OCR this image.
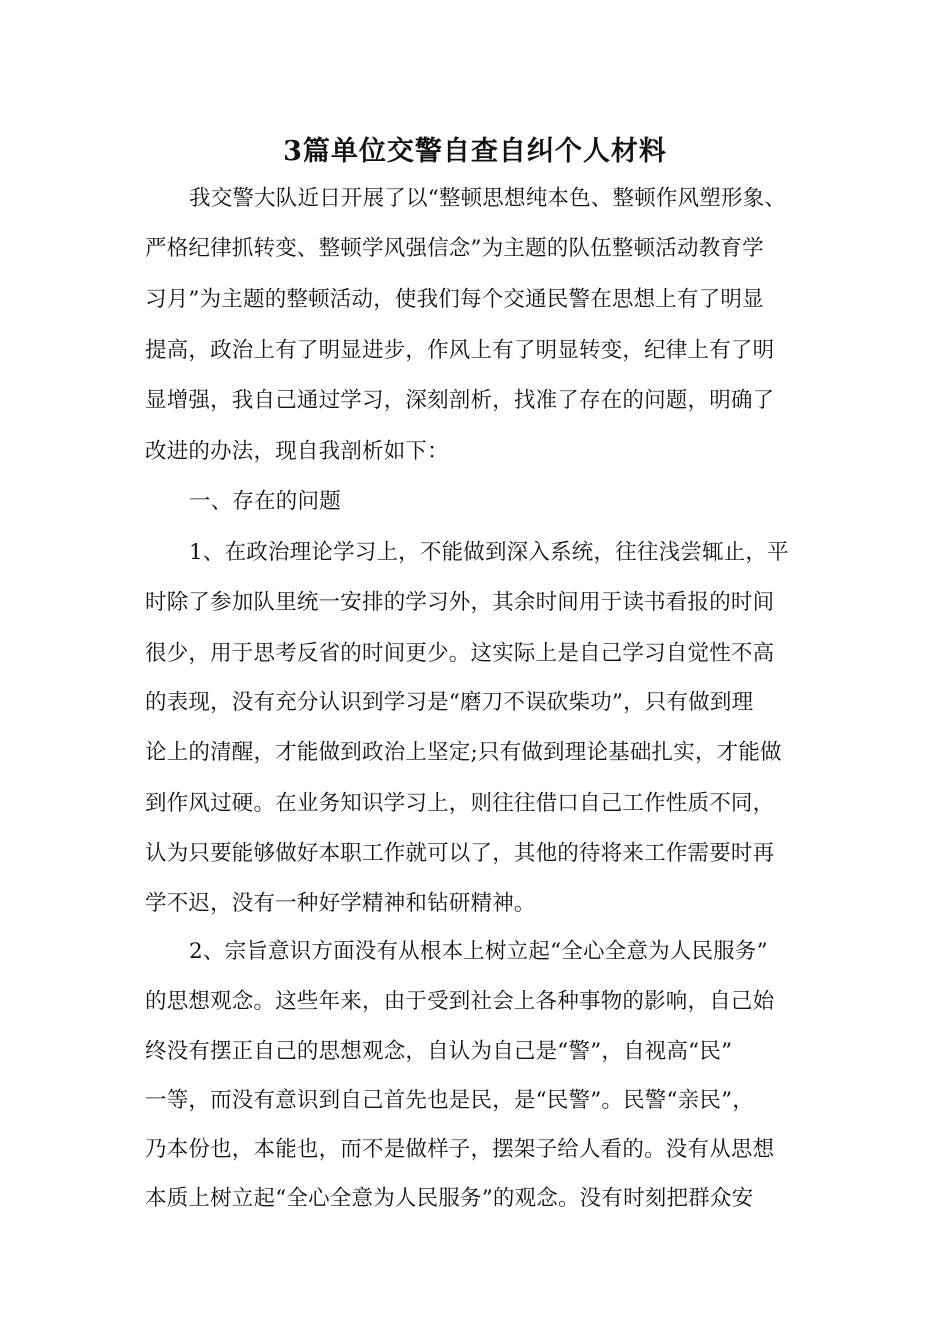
3篇单位交警自查自纠个人材料
我交警大队近日开展了以“整顿思想纯本色、整顿作风塑形象、
严格纪律抓转变、整顿学风强信念”为主题的队伍整顿活动教育学
习月”为主题的整顿活动，使我们每个交通民警在思想上有了明显
提高，政治上有了明显进步，作风上有了明显转变，纪律上有了明
显增强，我自己通过学习，深刻剖析，找准了存在的问题，明确了
改进的办法，现自我剖析如下：
一、存在的问题
1、在政治理论学习上，不能做到深入系统，往往浅尝辄止，平
时除了参加队里统一安排的学习外，其余时间用于读书看报的时间
很少，用于思考反省的时间更少。这实际上是自己学习自觉性不高
的表现，没有充分认识到学习是“磨刀不误砍柴功”，只有做到理
论上的清醒，才能做到政治上坚定;只有做到理论基础扎实，才能做
到作风过硬。在业务知识学习上，则往往借口自己工作性质不同，
认为只要能够做好本职工作就可以了，其他的待将来工作需要时再
学不迟，没有一种好学精神和钻研精神。
2、宗旨意识方面没有从根本上树立起“全心全意为人民服务”
的思想观念。这些年来，由于受到社会上各种事物的影响，自己始
终没有摆正自己的思想观念，自认为自己是“警”，自视高“民”
一等，而没有意识到自己首先也是民，是“民警”。民警“亲民”，
乃本份也，本能也，而不是做样子，摆架子给人看的。没有从思想
本质上树立起“全心全意为人民服务”的观念。没有时刻把群众安
